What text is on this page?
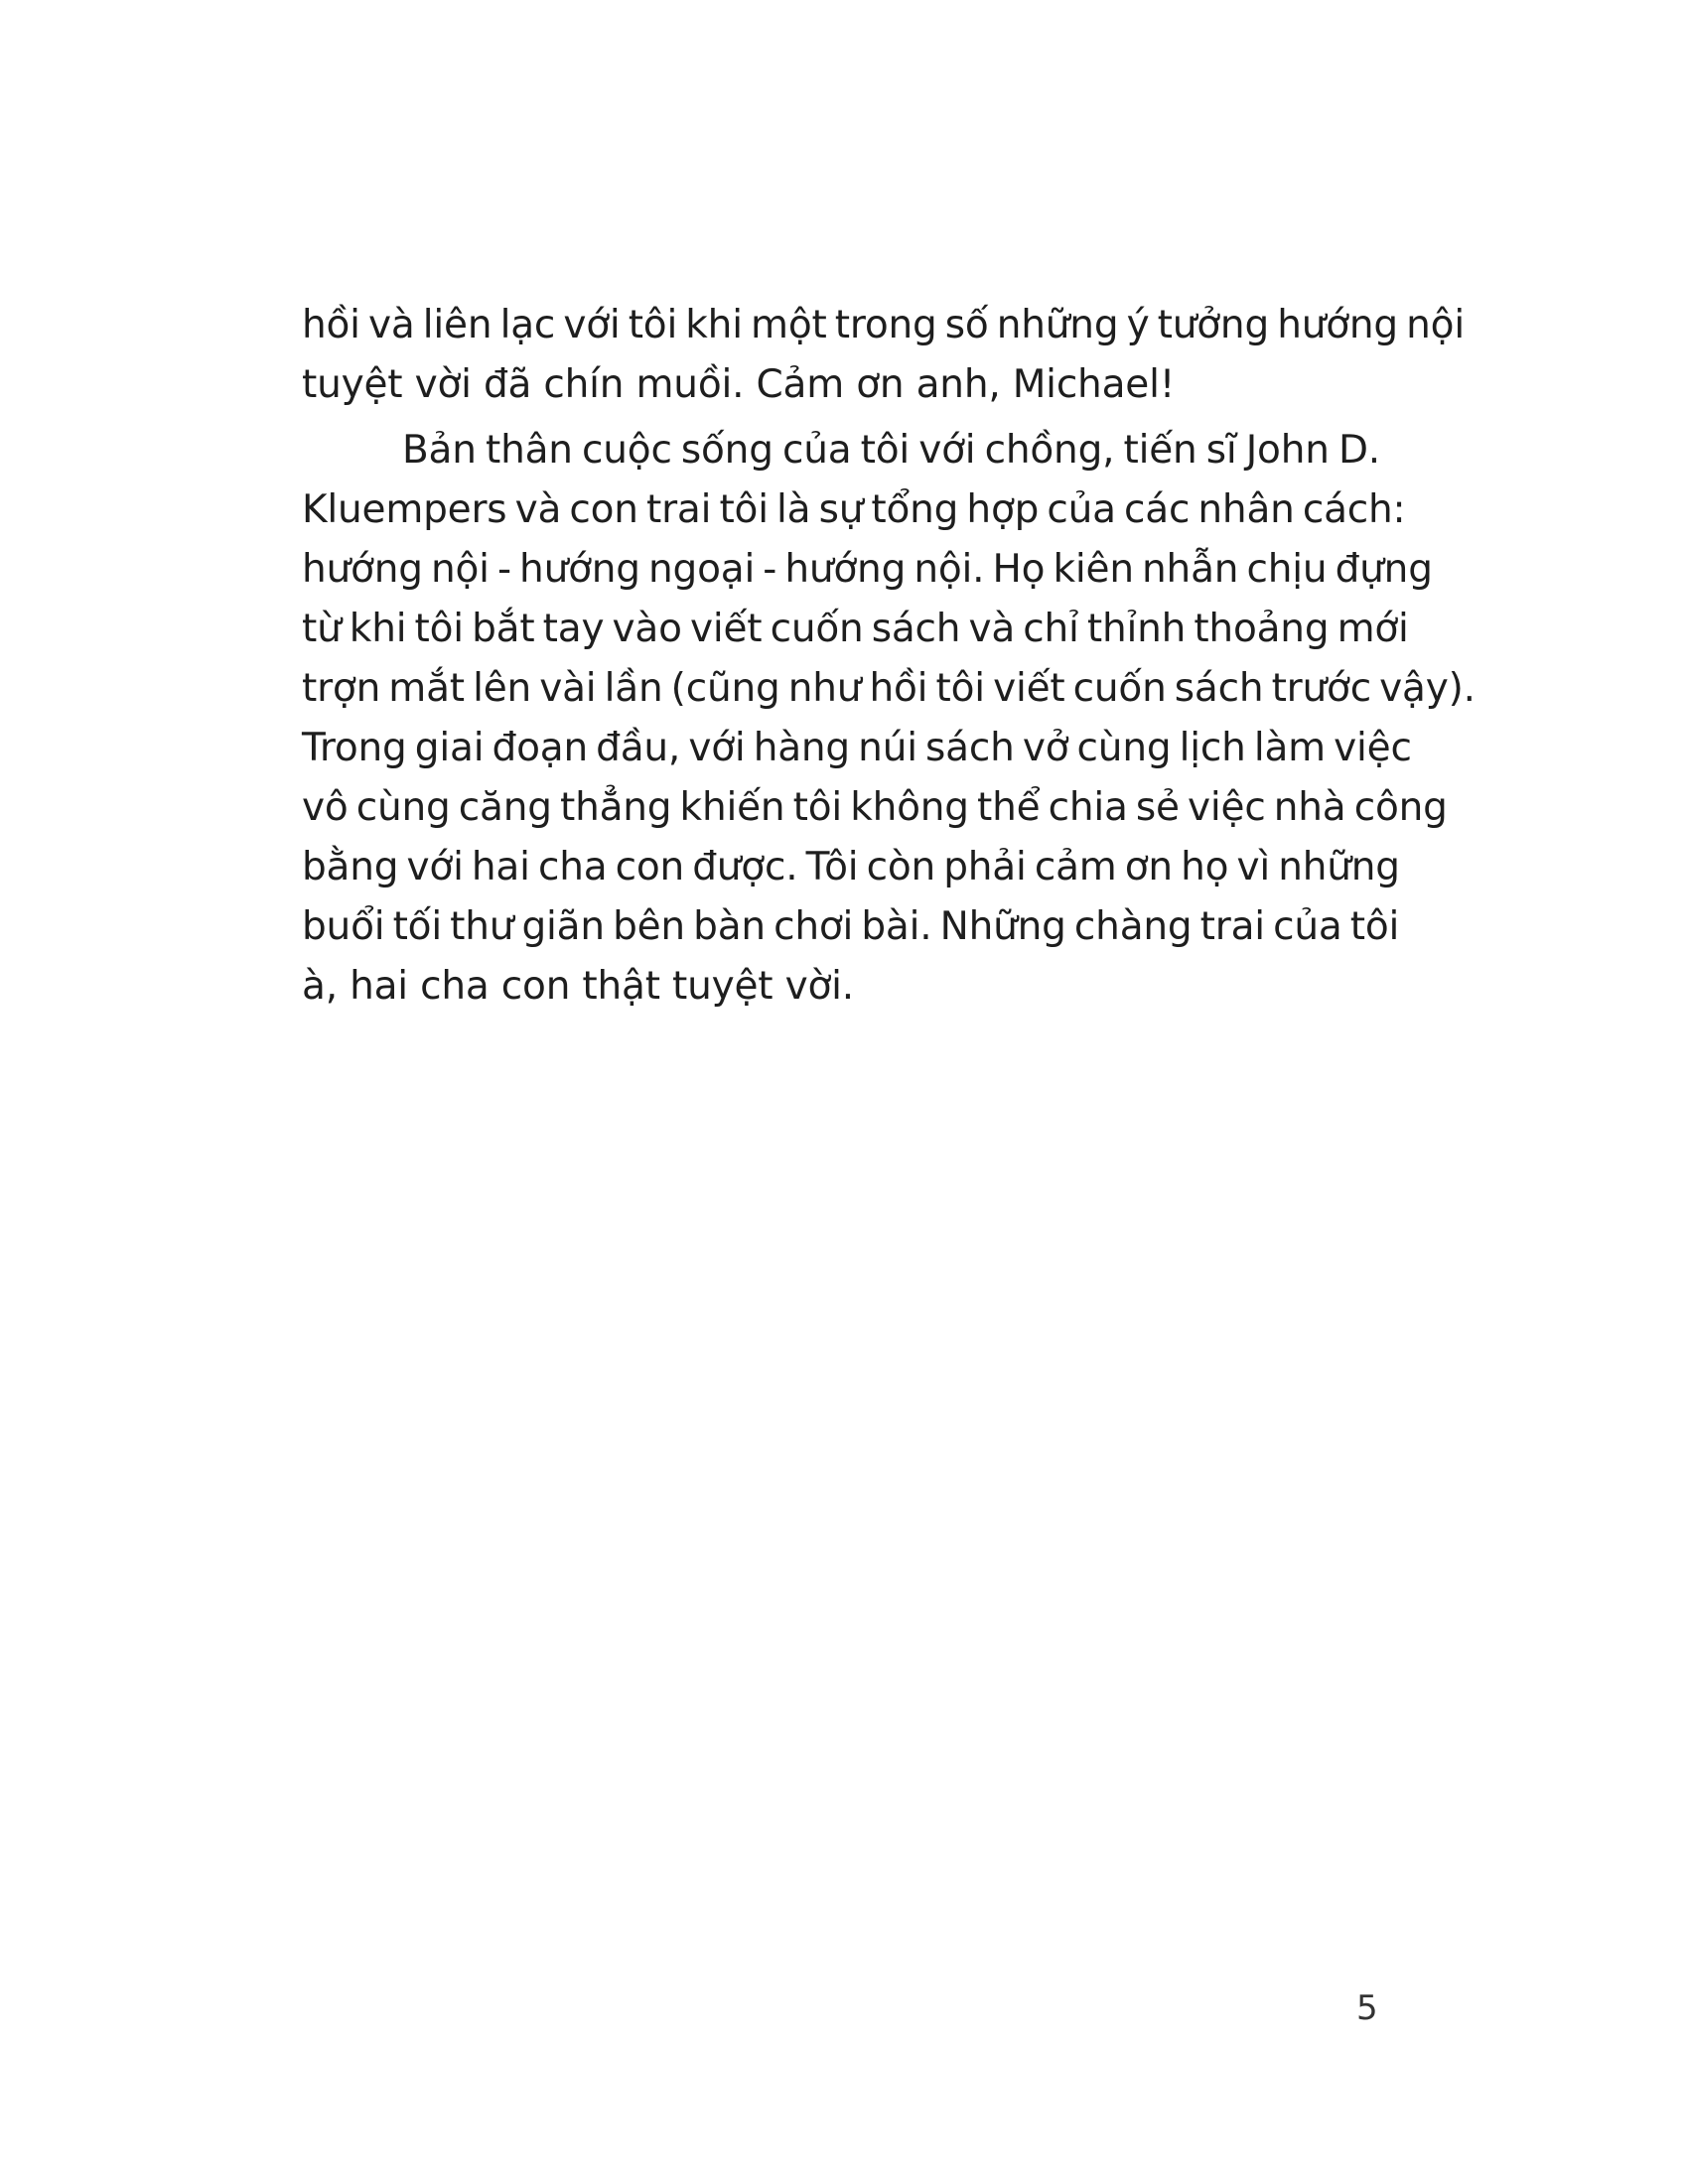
hồi và liên lạc với tôi khi một trong số những ý tưởng hướng nội
tuyệt vời đã chín muồi. Cảm ơn anh, Michael!
Bản thân cuộc sống của tôi với chồng, tiến sĩ John D.
Kluempers và con trai tôi là sự tổng hợp của các nhân cách:
hướng nội - hướng ngoại - hướng nội. Họ kiên nhẫn chịu đựng
từ khi tôi bắt tay vào viết cuốn sách và chỉ thỉnh thoảng mới
trợn mắt lên vài lần (cũng như hồi tôi viết cuốn sách trước vậy).
Trong giai đoạn đầu, với hàng núi sách vở cùng lịch làm việc
vô cùng căng thẳng khiến tôi không thể chia sẻ việc nhà công
bằng với hai cha con được. Tôi còn phải cảm ơn họ vì những
buổi tối thư giãn bên bàn chơi bài. Những chàng trai của tôi
à, hai cha con thật tuyệt vời.
5
